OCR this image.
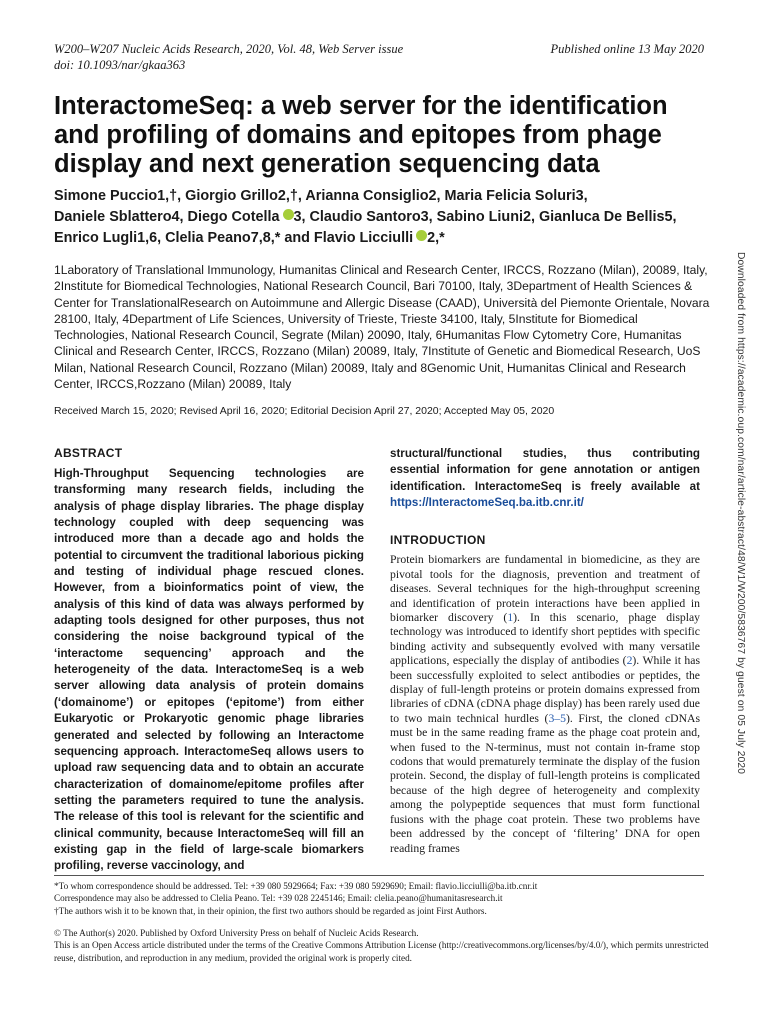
W200–W207 Nucleic Acids Research, 2020, Vol. 48, Web Server issue
doi: 10.1093/nar/gkaa363
Published online 13 May 2020
InteractomeSeq: a web server for the identification and profiling of domains and epitopes from phage display and next generation sequencing data
Simone Puccio1,†, Giorgio Grillo2,†, Arianna Consiglio2, Maria Felicia Soluri3,
Daniele Sblattero4, Diego Cotella 3, Claudio Santoro3, Sabino Liuni2, Gianluca De Bellis5,
Enrico Lugli1,6, Clelia Peano7,8,* and Flavio Licciulli 2,*
1Laboratory of Translational Immunology, Humanitas Clinical and Research Center, IRCCS, Rozzano (Milan), 20089, Italy, 2Institute for Biomedical Technologies, National Research Council, Bari 70100, Italy, 3Department of Health Sciences & Center for TranslationalResearch on Autoimmune and Allergic Disease (CAAD), Università del Piemonte Orientale, Novara 28100, Italy, 4Department of Life Sciences, University of Trieste, Trieste 34100, Italy, 5Institute for Biomedical Technologies, National Research Council, Segrate (Milan) 20090, Italy, 6Humanitas Flow Cytometry Core, Humanitas Clinical and Research Center, IRCCS, Rozzano (Milan) 20089, Italy, 7Institute of Genetic and Biomedical Research, UoS Milan, National Research Council, Rozzano (Milan) 20089, Italy and 8Genomic Unit, Humanitas Clinical and Research Center, IRCCS,Rozzano (Milan) 20089, Italy
Received March 15, 2020; Revised April 16, 2020; Editorial Decision April 27, 2020; Accepted May 05, 2020
ABSTRACT

High-Throughput Sequencing technologies are transforming many research fields, including the analysis of phage display libraries. The phage display technology coupled with deep sequencing was introduced more than a decade ago and holds the potential to circumvent the traditional laborious picking and testing of individual phage rescued clones. However, from a bioinformatics point of view, the analysis of this kind of data was always performed by adapting tools designed for other purposes, thus not considering the noise background typical of the ‘interactome sequencing’ approach and the heterogeneity of the data. InteractomeSeq is a web server allowing data analysis of protein domains (‘domainome’) or epitopes (‘epitome’) from either Eukaryotic or Prokaryotic genomic phage libraries generated and selected by following an Interactome sequencing approach. InteractomeSeq allows users to upload raw sequencing data and to obtain an accurate characterization of domainome/epitome profiles after setting the parameters required to tune the analysis. The release of this tool is relevant for the scientific and clinical community, because InteractomeSeq will fill an existing gap in the field of large-scale biomarkers profiling, reverse vaccinology, and

structural/functional studies, thus contributing essential information for gene annotation or antigen identification. InteractomeSeq is freely available at https://InteractomeSeq.ba.itb.cnr.it/

INTRODUCTION

Protein biomarkers are fundamental in biomedicine, as they are pivotal tools for the diagnosis, prevention and treatment of diseases. Several techniques for the high-throughput screening and identification of protein interactions have been applied in biomarker discovery (1). In this scenario, phage display technology was introduced to identify short peptides with specific binding activity and subsequently evolved with many versatile applications, especially the display of antibodies (2). While it has been successfully exploited to select antibodies or peptides, the display of full-length proteins or protein domains expressed from libraries of cDNA (cDNA phage display) has been rarely used due to two main technical hurdles (3–5). First, the cloned cDNAs must be in the same reading frame as the phage coat protein and, when fused to the N-terminus, must not contain in-frame stop codons that would prematurely terminate the display of the fusion protein. Second, the display of full-length proteins is complicated because of the high degree of heterogeneity and complexity among the polypeptide sequences that must form functional fusions with the phage coat protein. These two problems have been addressed by the concept of ‘filtering’ DNA for open reading frames

*To whom correspondence should be addressed. Tel: +39 080 5929664; Fax: +39 080 5929690; Email: flavio.licciulli@ba.itb.cnr.it
Correspondence may also be addressed to Clelia Peano. Tel: +39 028 2245146; Email: clelia.peano@humanitasresearch.it
†The authors wish it to be known that, in their opinion, the first two authors should be regarded as joint First Authors.
© The Author(s) 2020. Published by Oxford University Press on behalf of Nucleic Acids Research.
This is an Open Access article distributed under the terms of the Creative Commons Attribution License (http://creativecommons.org/licenses/by/4.0/), which permits unrestricted reuse, distribution, and reproduction in any medium, provided the original work is properly cited.
Downloaded from https://academic.oup.com/nar/article-abstract/48/W1/W200/5836767 by guest on 05 July 2020
